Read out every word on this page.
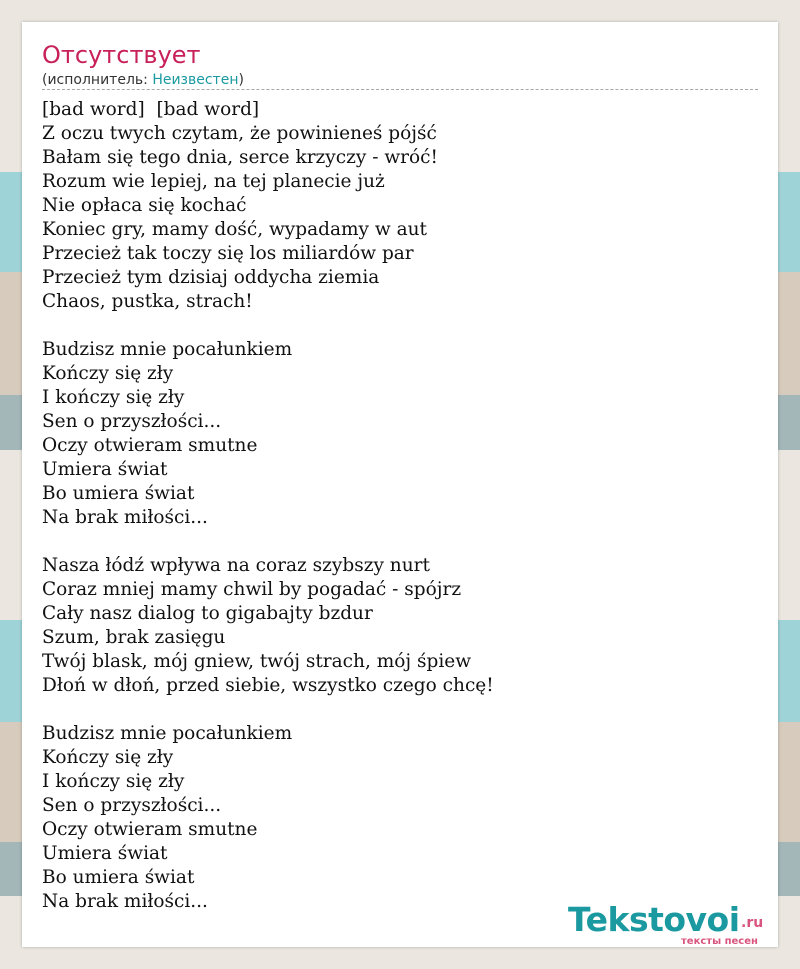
Отсутствует
(исполнитель: Неизвестен)
[bad word]  [bad word]
Z oczu twych czytam, że powinieneś pójść
Bałam się tego dnia, serce krzyczy - wróć!
Rozum wie lepiej, na tej planecie już
Nie opłaca się kochać
Koniec gry, mamy dość, wypadamy w aut
Przecież tak toczy się los miliardów par
Przecież tym dzisiaj oddycha ziemia
Chaos, pustka, strach!
Budzisz mnie pocałunkiem
Kończy się zły
I kończy się zły
Sen o przyszłości...
Oczy otwieram smutne
Umiera świat
Bo umiera świat
Na brak miłości...
Nasza łódź wpływa na coraz szybszy nurt
Coraz mniej mamy chwil by pogadać - spójrz
Cały nasz dialog to gigabajty bzdur
Szum, brak zasięgu
Twój blask, mój gniew, twój strach, mój śpiew
Dłoń w dłoń, przed siebie, wszystko czego chcę!
Budzisz mnie pocałunkiem
Kończy się zły
I kończy się zły
Sen o przyszłości...
Oczy otwieram smutne
Umiera świat
Bo umiera świat
Na brak miłości...	Tekstovoi .ru
тексты песен
